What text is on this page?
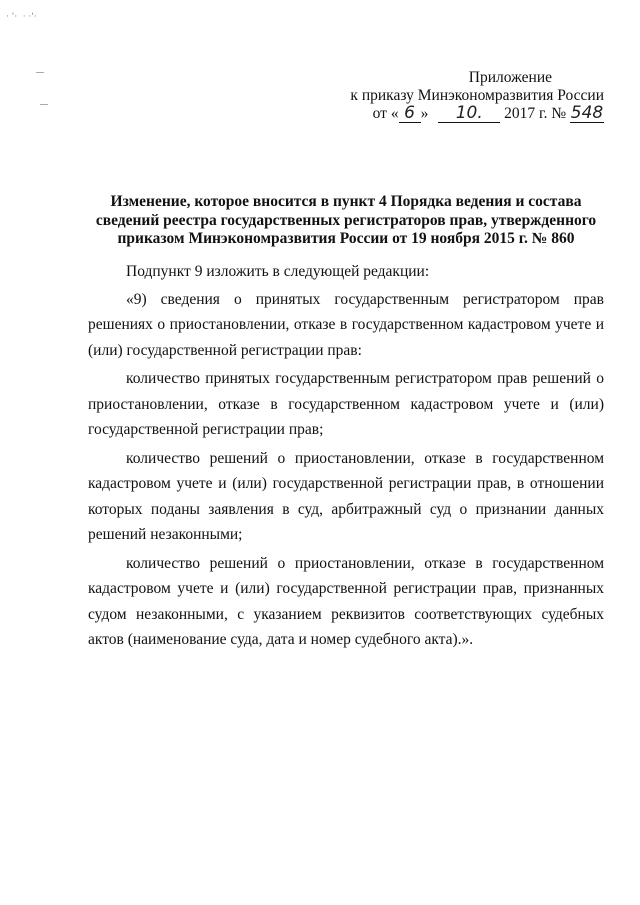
· '·  · ·'·
Приложение
к приказу Минэкономразвития России
от « 6 » 10. 2017 г. № 548
Изменение, которое вносится в пункт 4 Порядка ведения и состава сведений реестра государственных регистраторов прав, утвержденного приказом Минэкономразвития России от 19 ноября 2015 г. № 860

Подпункт 9 изложить в следующей редакции:

«9) сведения о принятых государственным регистратором прав решениях о приостановлении, отказе в государственном кадастровом учете и (или) государственной регистрации прав:

количество принятых государственным регистратором прав решений о приостановлении, отказе в государственном кадастровом учете и (или) государственной регистрации прав;

количество решений о приостановлении, отказе в государственном кадастровом учете и (или) государственной регистрации прав, в отношении которых поданы заявления в суд, арбитражный суд о признании данных решений незаконными;

количество решений о приостановлении, отказе в государственном кадастровом учете и (или) государственной регистрации прав, признанных судом незаконными, с указанием реквизитов соответствующих судебных актов (наименование суда, дата и номер судебного акта).».
